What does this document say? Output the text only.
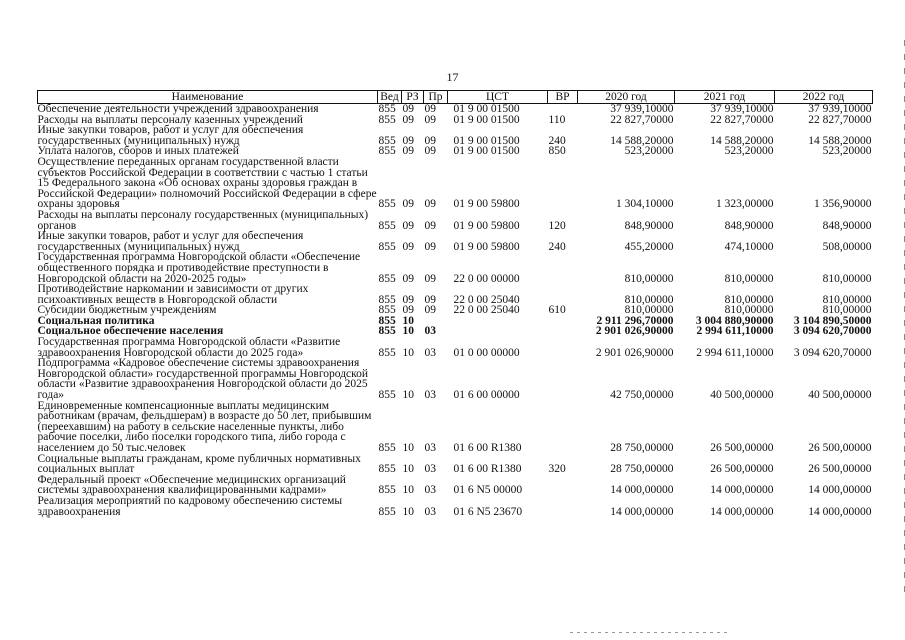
17
Наименование	Вед	РЗ	Пр	ЦСТ	ВР	2020 год	2021 год	2022 год
Обеспечение деятельности учреждений здравоохранения	855	09	09	01 9 00 01500		37 939,10000	37 939,10000	37 939,10000
Расходы на выплаты персоналу казенных учреждений	855	09	09	01 9 00 01500	110	22 827,70000	22 827,70000	22 827,70000
Иные закупки товаров, работ и услуг для обеспечения государственных (муниципальных) нужд	855	09	09	01 9 00 01500	240	14 588,20000	14 588,20000	14 588,20000
Уплата налогов, сборов и иных платежей	855	09	09	01 9 00 01500	850	523,20000	523,20000	523,20000
Осуществление переданных органам государственной власти субъектов Российской Федерации в соответствии с частью 1 статьи 15 Федерального закона «Об основах охраны здоровья граждан в Российской Федерации» полномочий Российской Федерации в сфере охраны здоровья	855	09	09	01 9 00 59800		1 304,10000	1 323,00000	1 356,90000
Расходы на выплаты персоналу государственных (муниципальных) органов	855	09	09	01 9 00 59800	120	848,90000	848,90000	848,90000
Иные закупки товаров, работ и услуг для обеспечения государственных (муниципальных) нужд	855	09	09	01 9 00 59800	240	455,20000	474,10000	508,00000
Государственная программа Новгородской области «Обеспечение общественного порядка и противодействие преступности в Новгородской области на 2020-2025 годы»	855	09	09	22 0 00 00000		810,00000	810,00000	810,00000
Противодействие наркомании и зависимости от других психоактивных веществ в Новгородской области	855	09	09	22 0 00 25040		810,00000	810,00000	810,00000
Субсидии бюджетным учреждениям	855	09	09	22 0 00 25040	610	810,00000	810,00000	810,00000
Социальная политика	855	10				2 911 296,70000	3 004 880,90000	3 104 890,50000
Социальное обеспечение населения	855	10	03			2 901 026,90000	2 994 611,10000	3 094 620,70000
Государственная программа Новгородской области «Развитие здравоохранения Новгородской области до 2025 года»	855	10	03	01 0 00 00000		2 901 026,90000	2 994 611,10000	3 094 620,70000
Подпрограмма «Кадровое обеспечение системы здравоохранения Новгородской области» государственной программы Новгородской области «Развитие здравоохранения Новгородской области до 2025 года»	855	10	03	01 6 00 00000		42 750,00000	40 500,00000	40 500,00000
Единовременные компенсационные выплаты медицинским работникам (врачам, фельдшерам) в возрасте до 50 лет, прибывшим (переехавшим) на работу в сельские населенные пункты, либо рабочие поселки, либо поселки городского типа, либо города с населением до 50 тыс.человек	855	10	03	01 6 00 R1380		28 750,00000	26 500,00000	26 500,00000
Социальные выплаты гражданам, кроме публичных нормативных социальных выплат	855	10	03	01 6 00 R1380	320	28 750,00000	26 500,00000	26 500,00000
Федеральный проект «Обеспечение медицинских организаций системы здравоохранения квалифицированными кадрами»	855	10	03	01 6 N5 00000		14 000,00000	14 000,00000	14 000,00000
Реализация мероприятий по кадровому обеспечению системы здравоохранения	855	10	03	01 6 N5 23670		14 000,00000	14 000,00000	14 000,00000
